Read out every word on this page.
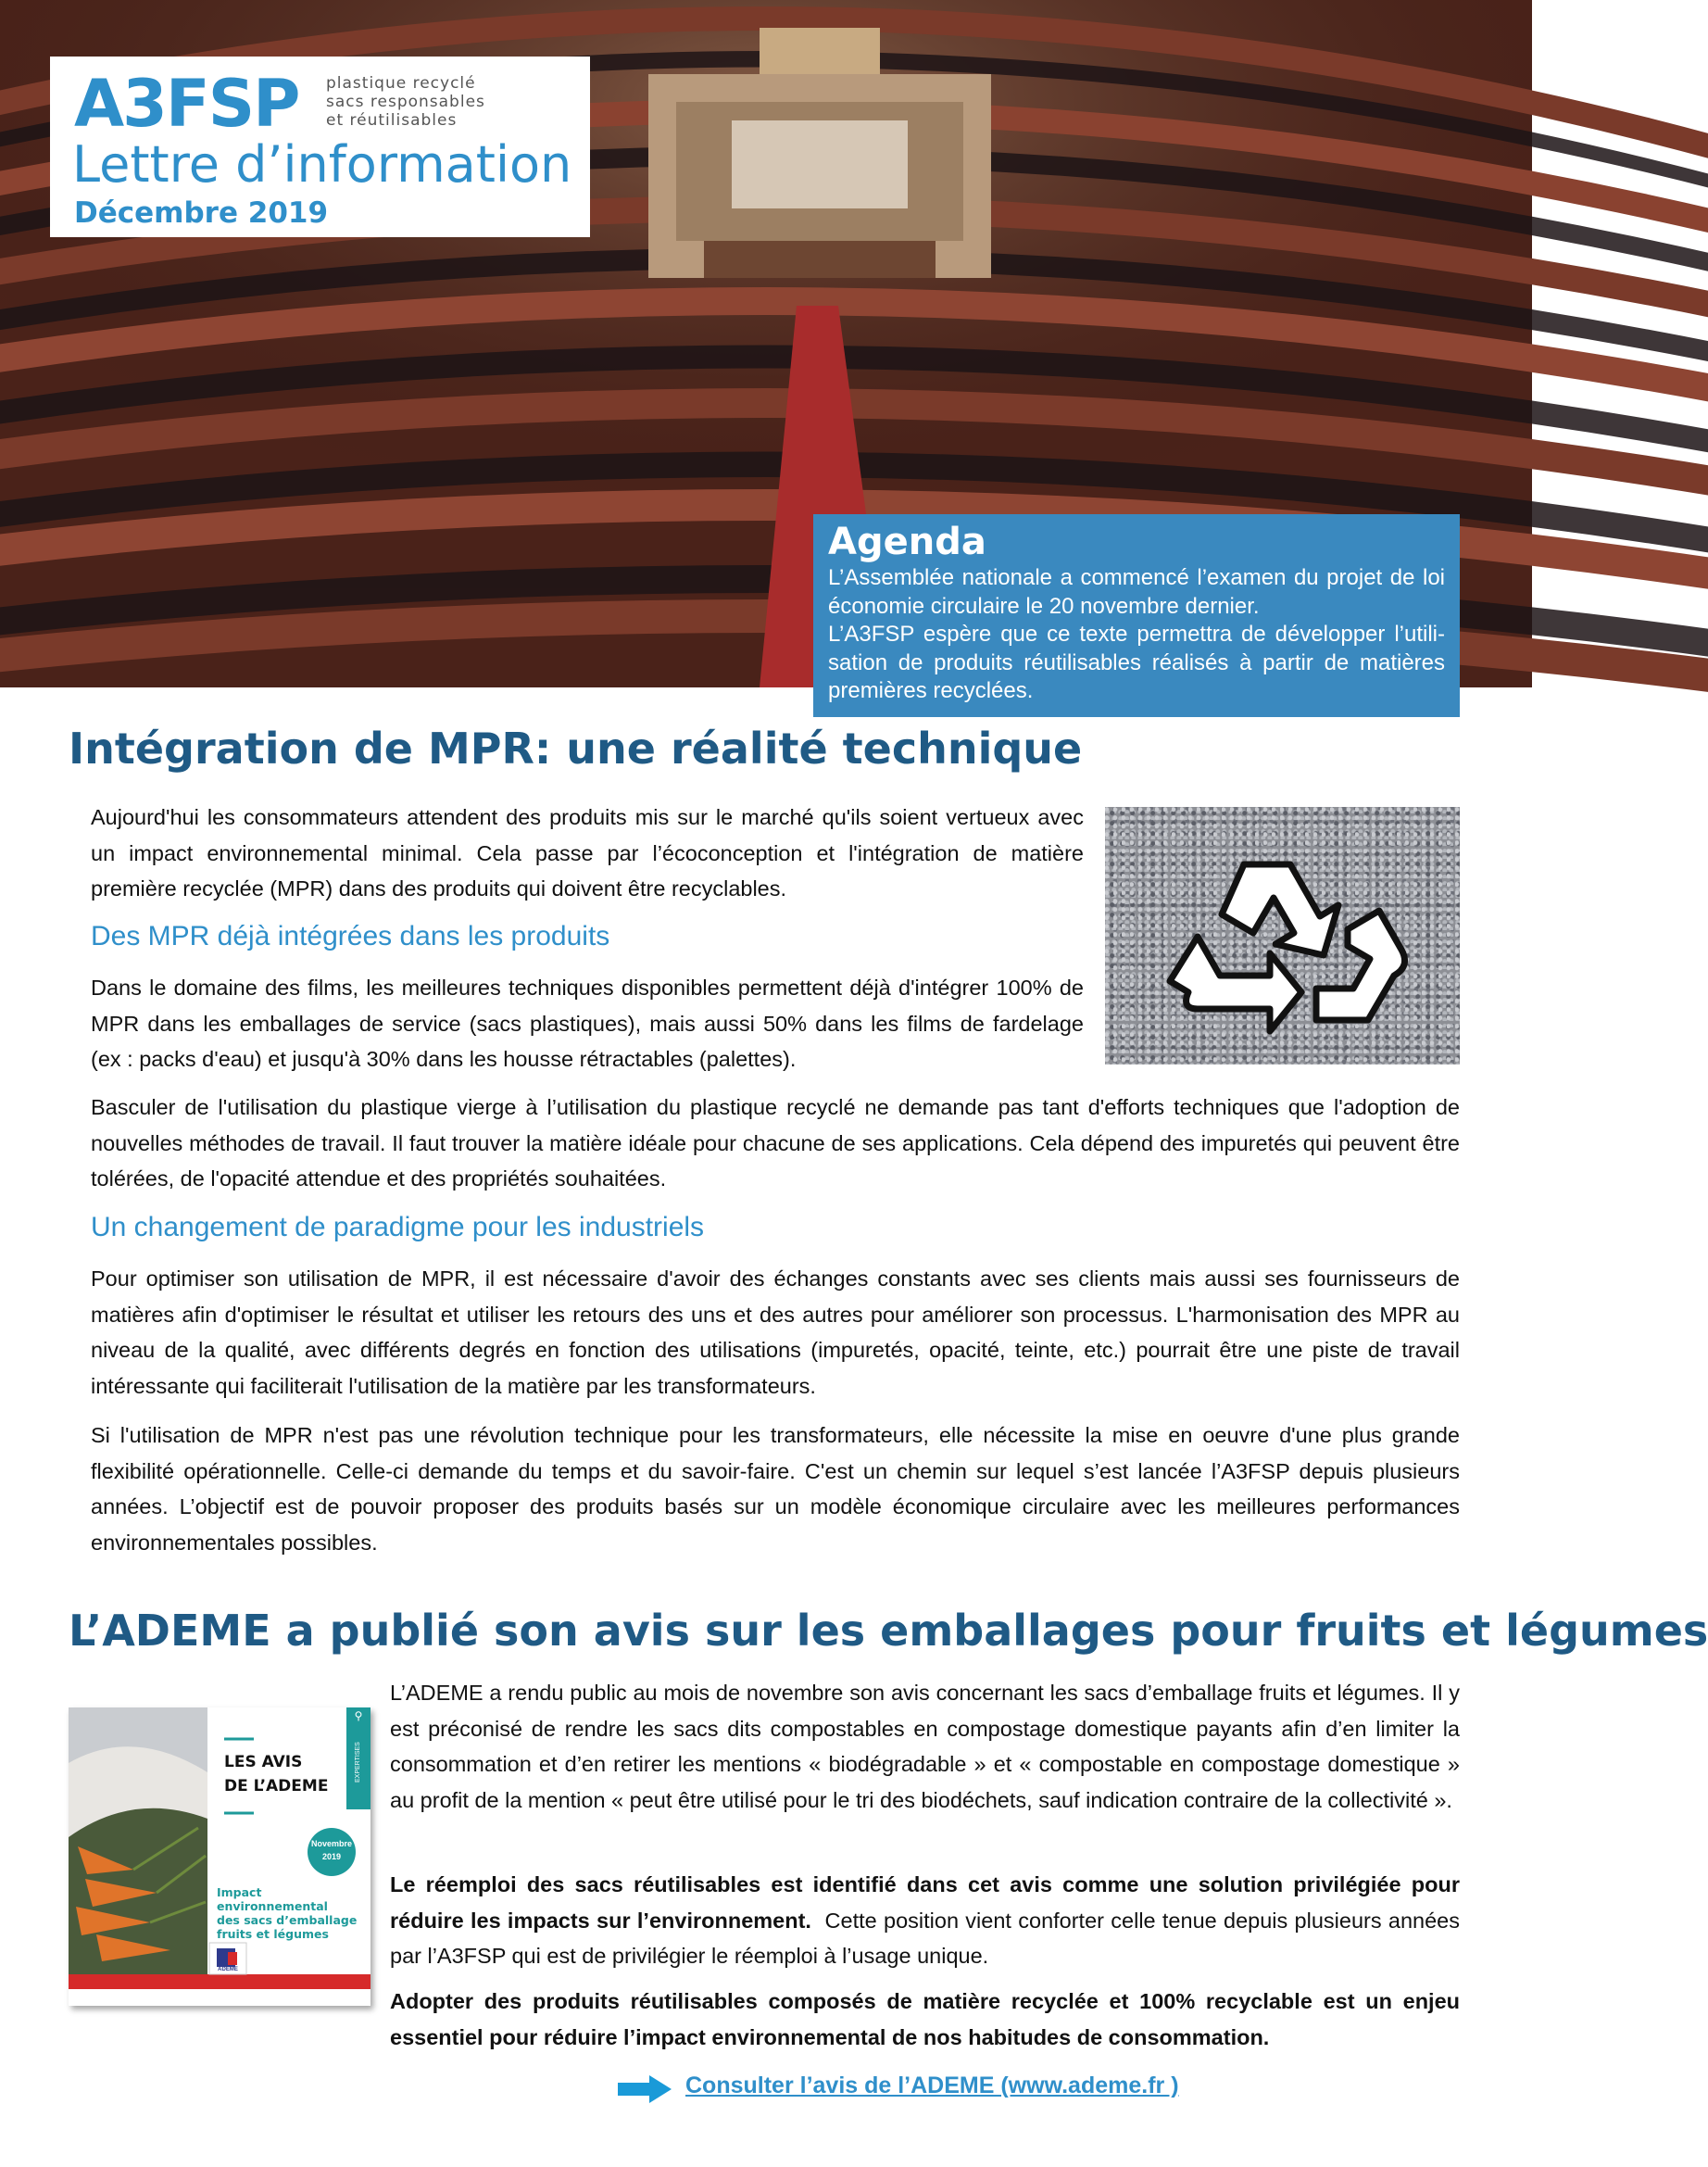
A3FSP plastique recyclé
sacs responsables
et réutilisables
Lettre d’information
Décembre 2019
Agenda

L’Assemblée nationale a commencé l’examen du projet de loi économie circulaire le 20 novembre dernier.

L’A3FSP espère que ce texte permettra de développer l’utili-sation de produits réutilisables réalisés à partir de matières premières recyclées.

Intégration de MPR: une réalité technique

Aujourd'hui les consommateurs attendent des produits mis sur le marché qu'ils soient vertueux avec un impact environnemental minimal. Cela passe par l’écoconception et l'intégration de matière première recyclée (MPR) dans des produits qui doivent être recyclables.

Des MPR déjà intégrées dans les produits

Dans le domaine des films, les meilleures techniques disponibles permettent déjà d'intégrer 100% de MPR dans les emballages de service (sacs plastiques), mais aussi 50% dans les films de fardelage (ex : packs d'eau) et jusqu'à 30% dans les housse rétractables (palettes).

Basculer de l'utilisation du plastique vierge à l’utilisation du plastique recyclé ne demande pas tant d'efforts techniques que l'adoption de nouvelles méthodes de travail. Il faut trouver la matière idéale pour chacune de ses applications. Cela dépend des impuretés qui peuvent être tolérées, de l'opacité attendue et des propriétés souhaitées.

Un changement de paradigme pour les industriels

Pour optimiser son utilisation de MPR, il est nécessaire d'avoir des échanges constants avec ses clients mais aussi ses fournisseurs de matières afin d'optimiser le résultat et utiliser les retours des uns et des autres pour améliorer son processus. L'harmonisation des MPR au niveau de la qualité, avec différents degrés en fonction des utilisations (impuretés, opacité, teinte, etc.) pourrait être une piste de travail intéressante qui faciliterait l'utilisation de la matière par les transformateurs.

Si l'utilisation de MPR n'est pas une révolution technique pour les transformateurs, elle nécessite la mise en oeuvre d'une plus grande flexibilité opérationnelle. Celle-ci demande du temps et du savoir-faire. C'est un chemin sur lequel s’est lancée l’A3FSP depuis plusieurs années. L’objectif est de pouvoir proposer des produits basés sur un modèle économique circulaire avec les meilleures performances environnementales possibles.

L’ADEME a publié son avis sur les emballages pour fruits et légumes
LES AVIS
DE L’ADEME
Novembre
2019
EXPERTISES
⚲
Impact
environnemental
des sacs d’emballage
fruits et légumes
ADEME

L’ADEME a rendu public au mois de novembre son avis concernant les sacs d’emballage fruits et légumes. Il y est préconisé de rendre les sacs dits compostables en compostage domestique payants afin d’en limiter la consommation et d’en retirer les mentions « biodégradable » et « compostable en compostage domestique » au profit de la mention « peut être utilisé pour le tri des biodéchets, sauf indication contraire de la collectivité ».

Le réemploi des sacs réutilisables est identifié dans cet avis comme une solution privilégiée pour réduire les impacts sur l’environnement.  Cette position vient conforter celle tenue depuis plusieurs années par l’A3FSP qui est de privilégier le réemploi à l’usage unique.

Adopter des produits réutilisables composés de matière recyclée et 100% recyclable est un enjeu essentiel pour réduire l’impact environnemental de nos habitudes de consommation.

Consulter l’avis de l’ADEME (www.ademe.fr )
